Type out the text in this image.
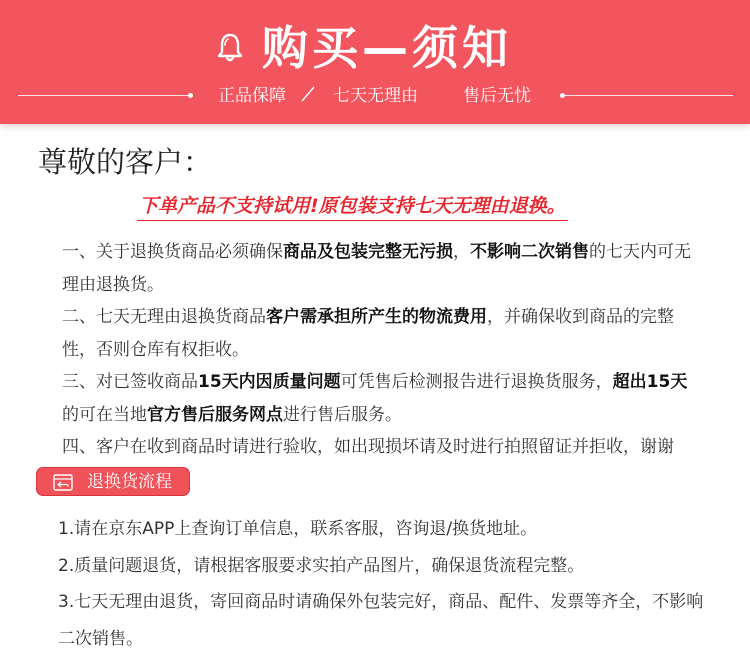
购买—须知
正品保障	七天无理由	售后无忧
尊敬的客户：
下单产品不支持试用!原包装支持七天无理由退换。

一、关于退换货商品必须确保商品及包装完整无污损，不影响二次销售的七天内可无理由退换货。

二、七天无理由退换货商品客户需承担所产生的物流费用，并确保收到商品的完整性，否则仓库有权拒收。

三、对已签收商品15天内因质量问题可凭售后检测报告进行退换货服务，超出15天的可在当地官方售后服务网点进行售后服务。

四、客户在收到商品时请进行验收，如出现损坏请及时进行拍照留证并拒收，谢谢

退换货流程

1.请在京东APP上查询订单信息，联系客服，咨询退/换货地址。

2.质量问题退货，请根据客服要求实拍产品图片，确保退货流程完整。

3.七天无理由退货，寄回商品时请确保外包装完好，商品、配件、发票等齐全，不影响二次销售。
